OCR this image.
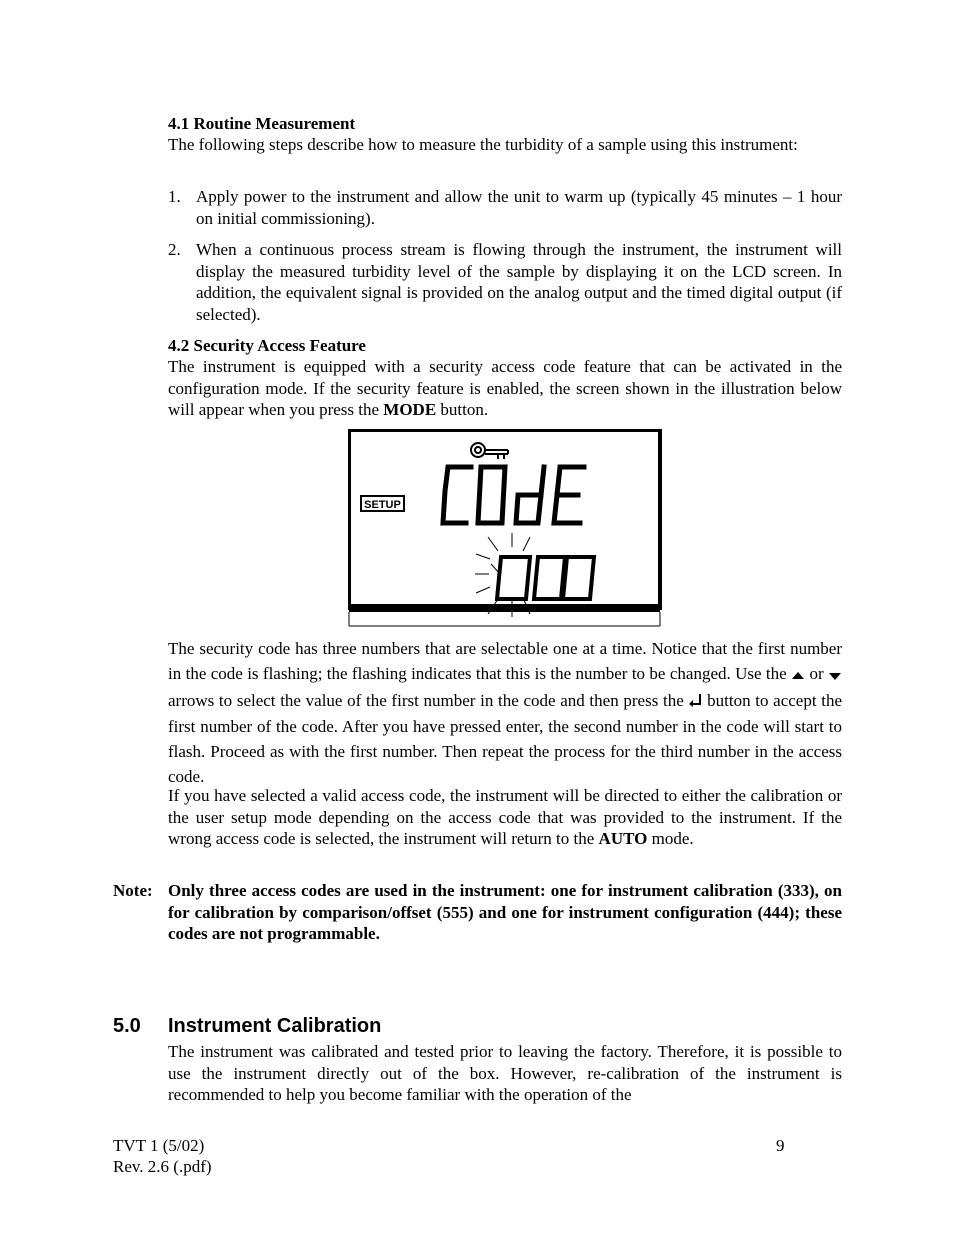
4.1 Routine Measurement
The following steps describe how to measure the turbidity of a sample using this instrument:
1. Apply power to the instrument and allow the unit to warm up (typically 45 minutes – 1 hour on initial commissioning).
2. When a continuous process stream is flowing through the instrument, the instrument will display the measured turbidity level of the sample by displaying it on the LCD screen. In addition, the equivalent signal is provided on the analog output and the timed digital output (if selected).
4.2 Security Access Feature
The instrument is equipped with a security access code feature that can be activated in the configuration mode. If the security feature is enabled, the screen shown in the illustration below will appear when you press the MODE button.
SETUP
The security code has three numbers that are selectable one at a time. Notice that the first number in the code is flashing; the flashing indicates that this is the number to be changed. Use the or  arrows to select the value of the first number in the code and then press the button to accept the first number of the code. After you have pressed enter, the second number in the code will start to flash. Proceed as with the first number. Then repeat the process for the third number in the access code.
If you have selected a valid access code, the instrument will be directed to either the calibration or the user setup mode depending on the access code that was provided to the instrument. If the wrong access code is selected, the instrument will return to the AUTO mode.
Note: Only three access codes are used in the instrument: one for instrument calibration (333), on for calibration by comparison/offset (555) and one for instrument configuration (444); these codes are not programmable.
5.0 Instrument Calibration
The instrument was calibrated and tested prior to leaving the factory. Therefore, it is possible to use the instrument directly out of the box. However, re-calibration of the instrument is recommended to help you become familiar with the operation of the
TVT 1 (5/02)
Rev. 2.6 (.pdf)
9
